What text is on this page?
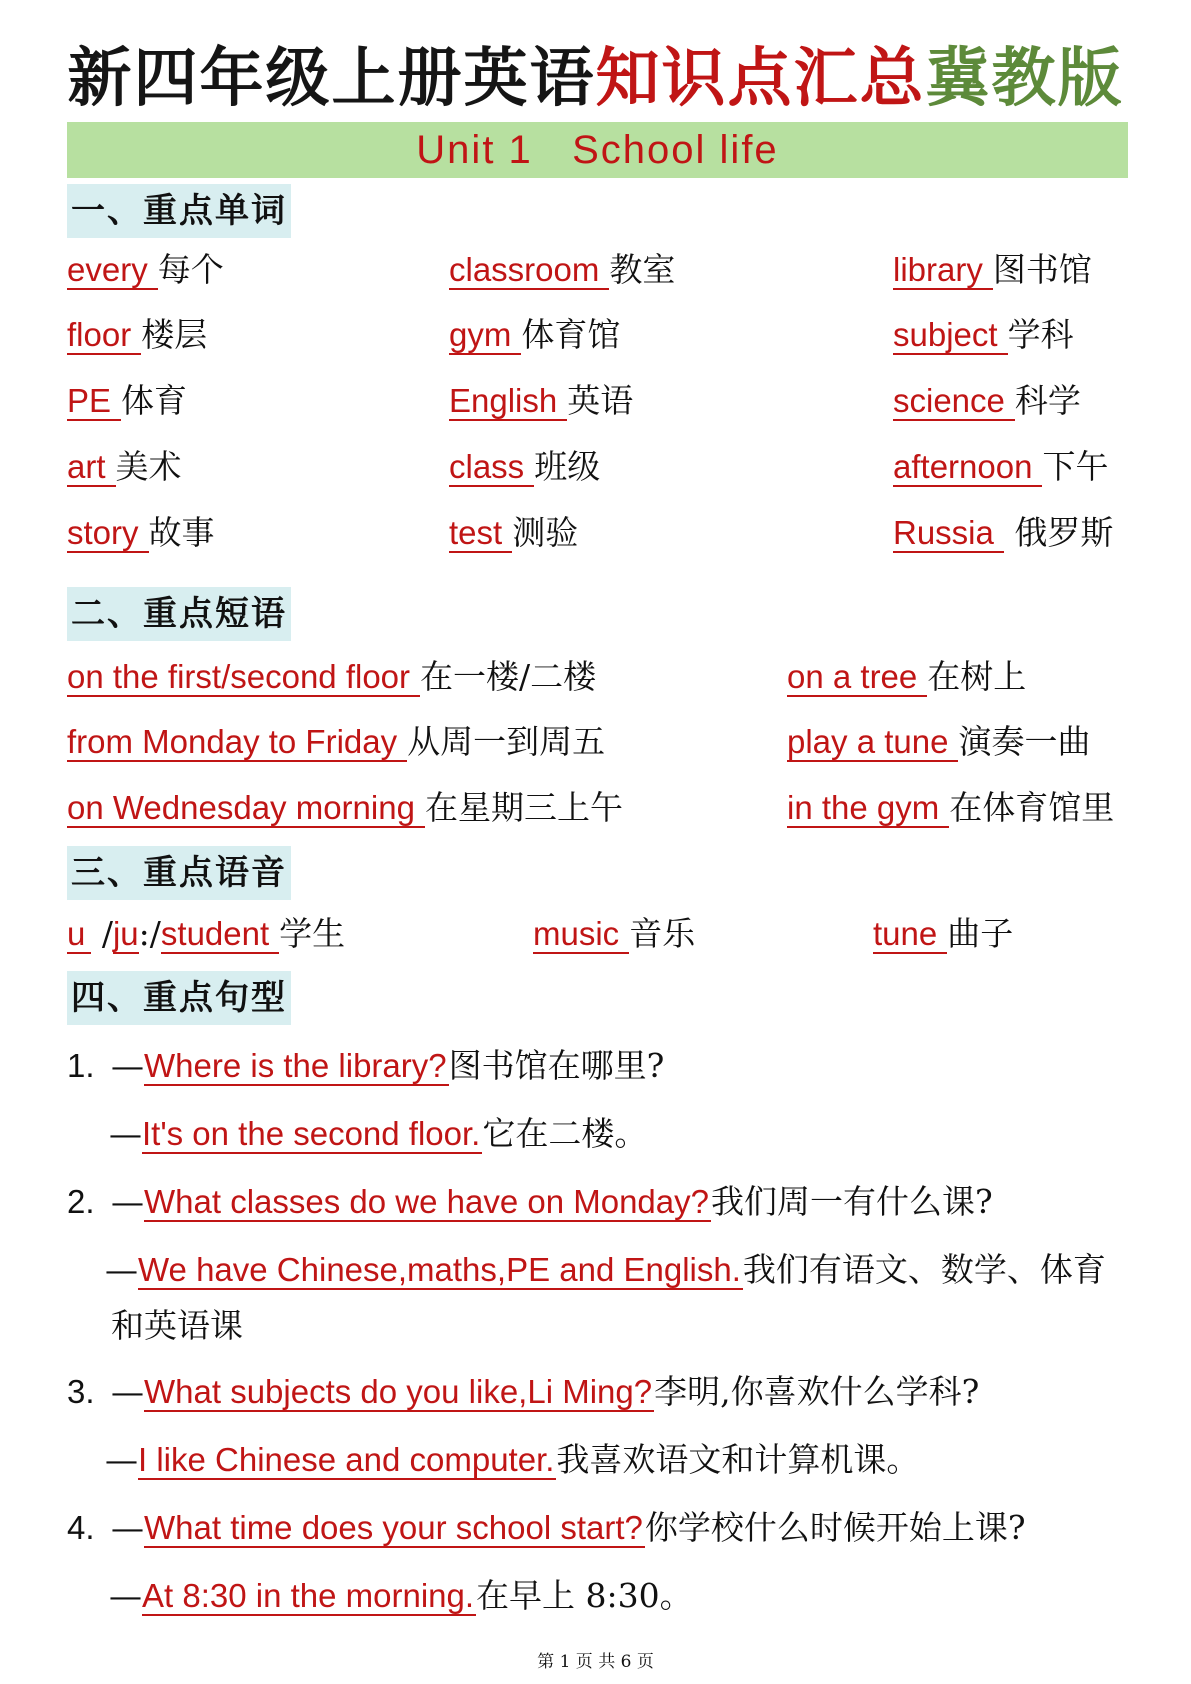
新四年级上册英语知识点汇总冀教版
Unit 1   School life
一、重点单词
every 每个	classroom 教室	library 图书馆
floor 楼层	gym 体育馆	subject 学科
PE 体育	English 英语	science 科学
art 美术	class 班级	afternoon 下午
story 故事	test 测验	Russia 俄罗斯
二、重点短语
on the first/second floor 在一楼/二楼	on a tree 在树上
from Monday to Friday 从周一到周五	play a tune 演奏一曲
on Wednesday morning 在星期三上午	in the gym 在体育馆里
三、重点语音
u /ju:/student 学生	music 音乐	tune 曲子
四、重点句型
1. —Where is the library?图书馆在哪里?
—It's on the second floor.它在二楼。
2. —What classes do we have on Monday?我们周一有什么课?
—We have Chinese,maths,PE and English.我们有语文、数学、体育
和英语课
3. —What subjects do you like,Li Ming?李明,你喜欢什么学科?
—I like Chinese and computer.我喜欢语文和计算机课。
4. —What time does your school start?你学校什么时候开始上课?
—At 8:30 in the morning.在早上 8:30。
第 1 页 共 6 页
